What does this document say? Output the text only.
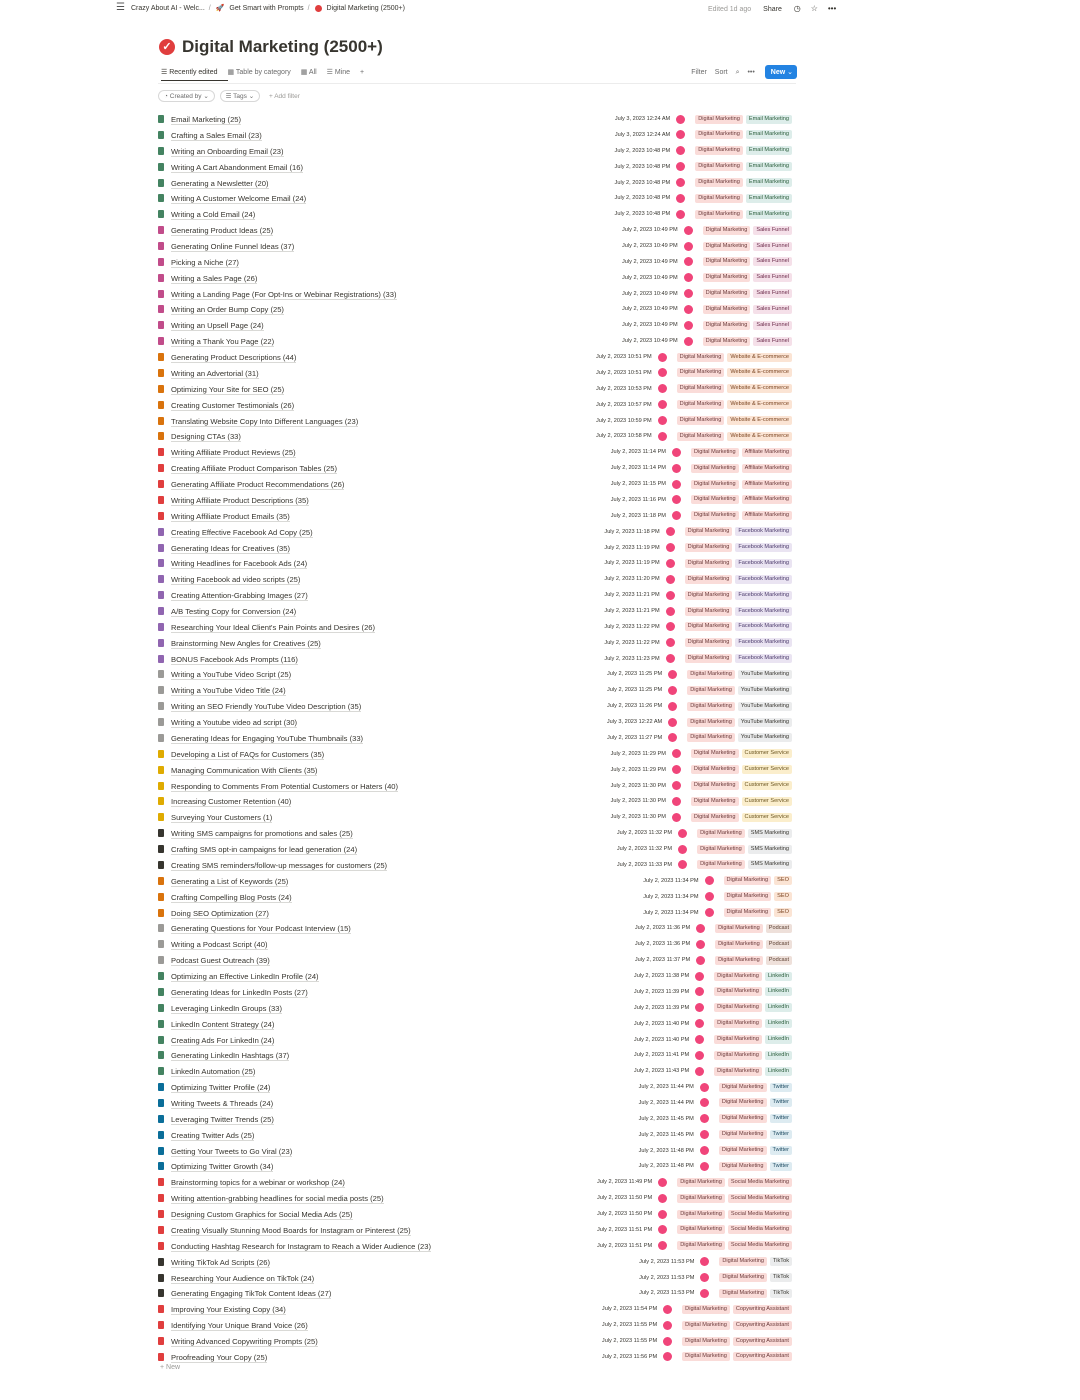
☰ Crazy About AI - Welc... / 🚀 Get Smart with Prompts / Digital Marketing (2500+)	Edited 1d ago Share ◷ ☆ •••
✓ Digital Marketing (2500+)
☰ Recently edited ▦ Table by category ▦ All ☰ Mine +	Filter Sort ⌕ ••• New ⌄
◔ Created by ⌄	☰ Tags ⌄ + Add filter
Email Marketing (25)	July 3, 2023 12:24 AM	Digital Marketing Email Marketing
Crafting a Sales Email (23)	July 3, 2023 12:24 AM	Digital Marketing Email Marketing
Writing an Onboarding Email (23)	July 2, 2023 10:48 PM	Digital Marketing Email Marketing
Writing A Cart Abandonment Email (16)	July 2, 2023 10:48 PM	Digital Marketing Email Marketing
Generating a Newsletter (20)	July 2, 2023 10:48 PM	Digital Marketing Email Marketing
Writing A Customer Welcome Email (24)	July 2, 2023 10:48 PM	Digital Marketing Email Marketing
Writing a Cold Email (24)	July 2, 2023 10:48 PM	Digital Marketing Email Marketing
Generating Product Ideas (25)	July 2, 2023 10:49 PM	Digital Marketing Sales Funnel
Generating Online Funnel Ideas (37)	July 2, 2023 10:49 PM	Digital Marketing Sales Funnel
Picking a Niche (27)	July 2, 2023 10:49 PM	Digital Marketing Sales Funnel
Writing a Sales Page (26)	July 2, 2023 10:49 PM	Digital Marketing Sales Funnel
Writing a Landing Page (For Opt-Ins or Webinar Registrations) (33)	July 2, 2023 10:49 PM	Digital Marketing Sales Funnel
Writing an Order Bump Copy (25)	July 2, 2023 10:49 PM	Digital Marketing Sales Funnel
Writing an Upsell Page (24)	July 2, 2023 10:49 PM	Digital Marketing Sales Funnel
Writing a Thank You Page (22)	July 2, 2023 10:49 PM	Digital Marketing Sales Funnel
Generating Product Descriptions (44)	July 2, 2023 10:51 PM	Digital Marketing Website & E-commerce
Writing an Advertorial (31)	July 2, 2023 10:51 PM	Digital Marketing Website & E-commerce
Optimizing Your Site for SEO (25)	July 2, 2023 10:53 PM	Digital Marketing Website & E-commerce
Creating Customer Testimonials (26)	July 2, 2023 10:57 PM	Digital Marketing Website & E-commerce
Translating Website Copy Into Different Languages (23)	July 2, 2023 10:59 PM	Digital Marketing Website & E-commerce
Designing CTAs (33)	July 2, 2023 10:58 PM	Digital Marketing Website & E-commerce
Writing Affiliate Product Reviews (25)	July 2, 2023 11:14 PM	Digital Marketing Affiliate Marketing
Creating Affiliate Product Comparison Tables (25)	July 2, 2023 11:14 PM	Digital Marketing Affiliate Marketing
Generating Affiliate Product Recommendations (26)	July 2, 2023 11:15 PM	Digital Marketing Affiliate Marketing
Writing Affiliate Product Descriptions (35)	July 2, 2023 11:16 PM	Digital Marketing Affiliate Marketing
Writing Affiliate Product Emails (35)	July 2, 2023 11:18 PM	Digital Marketing Affiliate Marketing
Creating Effective Facebook Ad Copy (25)	July 2, 2023 11:18 PM	Digital Marketing Facebook Marketing
Generating Ideas for Creatives (35)	July 2, 2023 11:19 PM	Digital Marketing Facebook Marketing
Writing Headlines for Facebook Ads (24)	July 2, 2023 11:19 PM	Digital Marketing Facebook Marketing
Writing Facebook ad video scripts (25)	July 2, 2023 11:20 PM	Digital Marketing Facebook Marketing
Creating Attention-Grabbing Images (27)	July 2, 2023 11:21 PM	Digital Marketing Facebook Marketing
A/B Testing Copy for Conversion (24)	July 2, 2023 11:21 PM	Digital Marketing Facebook Marketing
Researching Your Ideal Client's Pain Points and Desires (26)	July 2, 2023 11:22 PM	Digital Marketing Facebook Marketing
Brainstorming New Angles for Creatives (25)	July 2, 2023 11:22 PM	Digital Marketing Facebook Marketing
BONUS Facebook Ads Prompts (116)	July 2, 2023 11:23 PM	Digital Marketing Facebook Marketing
Writing a YouTube Video Script (25)	July 2, 2023 11:25 PM	Digital Marketing YouTube Marketing
Writing a YouTube Video Title (24)	July 2, 2023 11:25 PM	Digital Marketing YouTube Marketing
Writing an SEO Friendly YouTube Video Description (35)	July 2, 2023 11:26 PM	Digital Marketing YouTube Marketing
Writing a Youtube video ad script (30)	July 3, 2023 12:22 AM	Digital Marketing YouTube Marketing
Generating Ideas for Engaging YouTube Thumbnails (33)	July 2, 2023 11:27 PM	Digital Marketing YouTube Marketing
Developing a List of FAQs for Customers (35)	July 2, 2023 11:29 PM	Digital Marketing Customer Service
Managing Communication With Clients (35)	July 2, 2023 11:29 PM	Digital Marketing Customer Service
Responding to Comments From Potential Customers or Haters (40)	July 2, 2023 11:30 PM	Digital Marketing Customer Service
Increasing Customer Retention (40)	July 2, 2023 11:30 PM	Digital Marketing Customer Service
Surveying Your Customers (1)	July 2, 2023 11:30 PM	Digital Marketing Customer Service
Writing SMS campaigns for promotions and sales (25)	July 2, 2023 11:32 PM	Digital Marketing SMS Marketing
Crafting SMS opt-in campaigns for lead generation (24)	July 2, 2023 11:32 PM	Digital Marketing SMS Marketing
Creating SMS reminders/follow-up messages for customers (25)	July 2, 2023 11:33 PM	Digital Marketing SMS Marketing
Generating a List of Keywords (25)	July 2, 2023 11:34 PM	Digital Marketing SEO
Crafting Compelling Blog Posts (24)	July 2, 2023 11:34 PM	Digital Marketing SEO
Doing SEO Optimization (27)	July 2, 2023 11:34 PM	Digital Marketing SEO
Generating Questions for Your Podcast Interview (15)	July 2, 2023 11:36 PM	Digital Marketing Podcast
Writing a Podcast Script (40)	July 2, 2023 11:36 PM	Digital Marketing Podcast
Podcast Guest Outreach (39)	July 2, 2023 11:37 PM	Digital Marketing Podcast
Optimizing an Effective LinkedIn Profile (24)	July 2, 2023 11:38 PM	Digital Marketing LinkedIn
Generating Ideas for LinkedIn Posts (27)	July 2, 2023 11:39 PM	Digital Marketing LinkedIn
Leveraging LinkedIn Groups (33)	July 2, 2023 11:39 PM	Digital Marketing LinkedIn
LinkedIn Content Strategy (24)	July 2, 2023 11:40 PM	Digital Marketing LinkedIn
Creating Ads For LinkedIn (24)	July 2, 2023 11:40 PM	Digital Marketing LinkedIn
Generating LinkedIn Hashtags (37)	July 2, 2023 11:41 PM	Digital Marketing LinkedIn
LinkedIn Automation (25)	July 2, 2023 11:43 PM	Digital Marketing LinkedIn
Optimizing Twitter Profile (24)	July 2, 2023 11:44 PM	Digital Marketing Twitter
Writing Tweets & Threads (24)	July 2, 2023 11:44 PM	Digital Marketing Twitter
Leveraging Twitter Trends (25)	July 2, 2023 11:45 PM	Digital Marketing Twitter
Creating Twitter Ads (25)	July 2, 2023 11:45 PM	Digital Marketing Twitter
Getting Your Tweets to Go Viral (23)	July 2, 2023 11:48 PM	Digital Marketing Twitter
Optimizing Twitter Growth (34)	July 2, 2023 11:48 PM	Digital Marketing Twitter
Brainstorming topics for a webinar or workshop (24)	July 2, 2023 11:49 PM	Digital Marketing Social Media Marketing
Writing attention-grabbing headlines for social media posts (25)	July 2, 2023 11:50 PM	Digital Marketing Social Media Marketing
Designing Custom Graphics for Social Media Ads (25)	July 2, 2023 11:50 PM	Digital Marketing Social Media Marketing
Creating Visually Stunning Mood Boards for Instagram or Pinterest (25)	July 2, 2023 11:51 PM	Digital Marketing Social Media Marketing
Conducting Hashtag Research for Instagram to Reach a Wider Audience (23)	July 2, 2023 11:51 PM	Digital Marketing Social Media Marketing
Writing TikTok Ad Scripts (26)	July 2, 2023 11:53 PM	Digital Marketing TikTok
Researching Your Audience on TikTok (24)	July 2, 2023 11:53 PM	Digital Marketing TikTok
Generating Engaging TikTok Content Ideas (27)	July 2, 2023 11:53 PM	Digital Marketing TikTok
Improving Your Existing Copy (34)	July 2, 2023 11:54 PM	Digital Marketing Copywriting Assistant
Identifying Your Unique Brand Voice (26)	July 2, 2023 11:55 PM	Digital Marketing Copywriting Assistant
Writing Advanced Copywriting Prompts (25)	July 2, 2023 11:55 PM	Digital Marketing Copywriting Assistant
Proofreading Your Copy (25)	July 2, 2023 11:56 PM	Digital Marketing Copywriting Assistant
+ New
